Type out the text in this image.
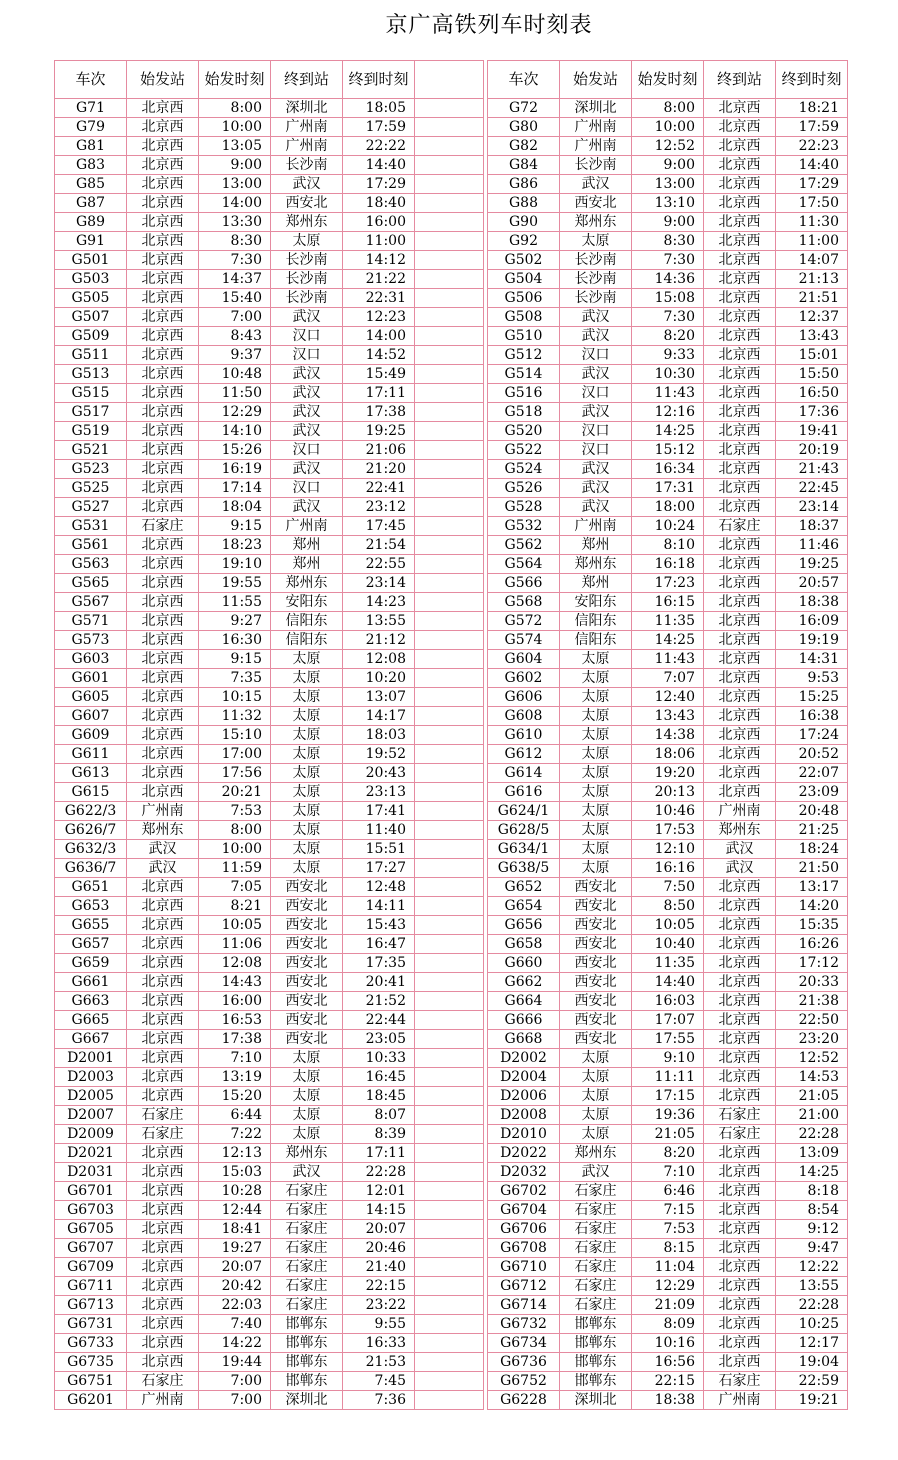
京广高铁列车时刻表
车次	始发站	始发时刻	终到站	终到时刻	
G71	北京西	8:00	深圳北	18:05	
G79	北京西	10:00	广州南	17:59	
G81	北京西	13:05	广州南	22:22	
G83	北京西	9:00	长沙南	14:40	
G85	北京西	13:00	武汉	17:29	
G87	北京西	14:00	西安北	18:40	
G89	北京西	13:30	郑州东	16:00	
G91	北京西	8:30	太原	11:00	
G501	北京西	7:30	长沙南	14:12	
G503	北京西	14:37	长沙南	21:22	
G505	北京西	15:40	长沙南	22:31	
G507	北京西	7:00	武汉	12:23	
G509	北京西	8:43	汉口	14:00	
G511	北京西	9:37	汉口	14:52	
G513	北京西	10:48	武汉	15:49	
G515	北京西	11:50	武汉	17:11	
G517	北京西	12:29	武汉	17:38	
G519	北京西	14:10	武汉	19:25	
G521	北京西	15:26	汉口	21:06	
G523	北京西	16:19	武汉	21:20	
G525	北京西	17:14	汉口	22:41	
G527	北京西	18:04	武汉	23:12	
G531	石家庄	9:15	广州南	17:45	
G561	北京西	18:23	郑州	21:54	
G563	北京西	19:10	郑州	22:55	
G565	北京西	19:55	郑州东	23:14	
G567	北京西	11:55	安阳东	14:23	
G571	北京西	9:27	信阳东	13:55	
G573	北京西	16:30	信阳东	21:12	
G603	北京西	9:15	太原	12:08	
G601	北京西	7:35	太原	10:20	
G605	北京西	10:15	太原	13:07	
G607	北京西	11:32	太原	14:17	
G609	北京西	15:10	太原	18:03	
G611	北京西	17:00	太原	19:52	
G613	北京西	17:56	太原	20:43	
G615	北京西	20:21	太原	23:13	
G622/3	广州南	7:53	太原	17:41	
G626/7	郑州东	8:00	太原	11:40	
G632/3	武汉	10:00	太原	15:51	
G636/7	武汉	11:59	太原	17:27	
G651	北京西	7:05	西安北	12:48	
G653	北京西	8:21	西安北	14:11	
G655	北京西	10:05	西安北	15:43	
G657	北京西	11:06	西安北	16:47	
G659	北京西	12:08	西安北	17:35	
G661	北京西	14:43	西安北	20:41	
G663	北京西	16:00	西安北	21:52	
G665	北京西	16:53	西安北	22:44	
G667	北京西	17:38	西安北	23:05	
D2001	北京西	7:10	太原	10:33	
D2003	北京西	13:19	太原	16:45	
D2005	北京西	15:20	太原	18:45	
D2007	石家庄	6:44	太原	8:07	
D2009	石家庄	7:22	太原	8:39	
D2021	北京西	12:13	郑州东	17:11	
D2031	北京西	15:03	武汉	22:28	
G6701	北京西	10:28	石家庄	12:01	
G6703	北京西	12:44	石家庄	14:15	
G6705	北京西	18:41	石家庄	20:07	
G6707	北京西	19:27	石家庄	20:46	
G6709	北京西	20:07	石家庄	21:40	
G6711	北京西	20:42	石家庄	22:15	
G6713	北京西	22:03	石家庄	23:22	
G6731	北京西	7:40	邯郸东	9:55	
G6733	北京西	14:22	邯郸东	16:33	
G6735	北京西	19:44	邯郸东	21:53	
G6751	石家庄	7:00	邯郸东	7:45	
G6201	广州南	7:00	深圳北	7:36	
车次	始发站	始发时刻	终到站	终到时刻
G72	深圳北	8:00	北京西	18:21
G80	广州南	10:00	北京西	17:59
G82	广州南	12:52	北京西	22:23
G84	长沙南	9:00	北京西	14:40
G86	武汉	13:00	北京西	17:29
G88	西安北	13:10	北京西	17:50
G90	郑州东	9:00	北京西	11:30
G92	太原	8:30	北京西	11:00
G502	长沙南	7:30	北京西	14:07
G504	长沙南	14:36	北京西	21:13
G506	长沙南	15:08	北京西	21:51
G508	武汉	7:30	北京西	12:37
G510	武汉	8:20	北京西	13:43
G512	汉口	9:33	北京西	15:01
G514	武汉	10:30	北京西	15:50
G516	汉口	11:43	北京西	16:50
G518	武汉	12:16	北京西	17:36
G520	汉口	14:25	北京西	19:41
G522	汉口	15:12	北京西	20:19
G524	武汉	16:34	北京西	21:43
G526	武汉	17:31	北京西	22:45
G528	武汉	18:00	北京西	23:14
G532	广州南	10:24	石家庄	18:37
G562	郑州	8:10	北京西	11:46
G564	郑州东	16:18	北京西	19:25
G566	郑州	17:23	北京西	20:57
G568	安阳东	16:15	北京西	18:38
G572	信阳东	11:35	北京西	16:09
G574	信阳东	14:25	北京西	19:19
G604	太原	11:43	北京西	14:31
G602	太原	7:07	北京西	9:53
G606	太原	12:40	北京西	15:25
G608	太原	13:43	北京西	16:38
G610	太原	14:38	北京西	17:24
G612	太原	18:06	北京西	20:52
G614	太原	19:20	北京西	22:07
G616	太原	20:13	北京西	23:09
G624/1	太原	10:46	广州南	20:48
G628/5	太原	17:53	郑州东	21:25
G634/1	太原	12:10	武汉	18:24
G638/5	太原	16:16	武汉	21:50
G652	西安北	7:50	北京西	13:17
G654	西安北	8:50	北京西	14:20
G656	西安北	10:05	北京西	15:35
G658	西安北	10:40	北京西	16:26
G660	西安北	11:35	北京西	17:12
G662	西安北	14:40	北京西	20:33
G664	西安北	16:03	北京西	21:38
G666	西安北	17:07	北京西	22:50
G668	西安北	17:55	北京西	23:20
D2002	太原	9:10	北京西	12:52
D2004	太原	11:11	北京西	14:53
D2006	太原	17:15	北京西	21:05
D2008	太原	19:36	石家庄	21:00
D2010	太原	21:05	石家庄	22:28
D2022	郑州东	8:20	北京西	13:09
D2032	武汉	7:10	北京西	14:25
G6702	石家庄	6:46	北京西	8:18
G6704	石家庄	7:15	北京西	8:54
G6706	石家庄	7:53	北京西	9:12
G6708	石家庄	8:15	北京西	9:47
G6710	石家庄	11:04	北京西	12:22
G6712	石家庄	12:29	北京西	13:55
G6714	石家庄	21:09	北京西	22:28
G6732	邯郸东	8:09	北京西	10:25
G6734	邯郸东	10:16	北京西	12:17
G6736	邯郸东	16:56	北京西	19:04
G6752	邯郸东	22:15	石家庄	22:59
G6228	深圳北	18:38	广州南	19:21
